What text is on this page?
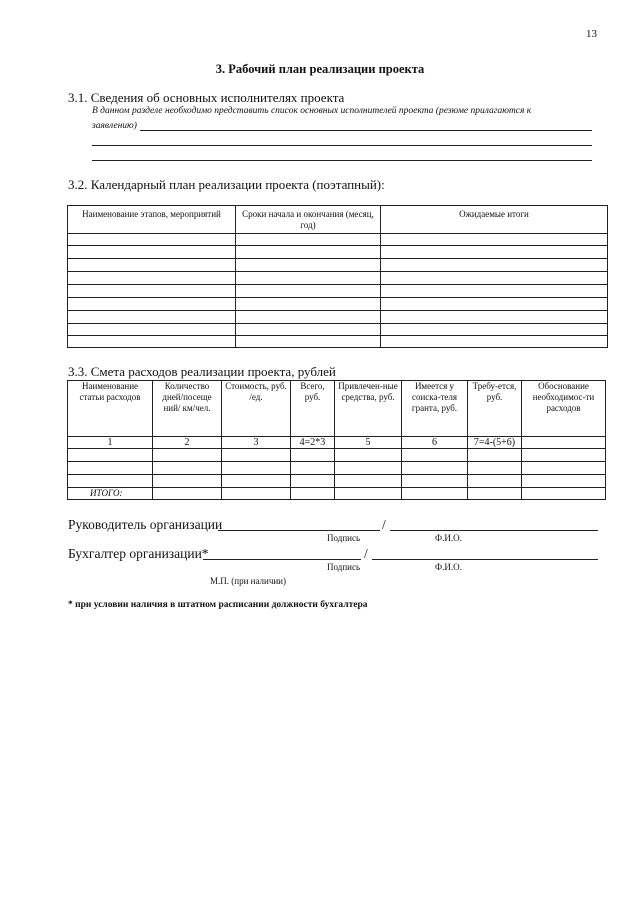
13
3. Рабочий план реализации проекта
3.1. Сведения об основных исполнителях проекта
В данном разделе необходимо представить список основных исполнителей проекта (резюме прилагаются к
заявлению)
3.2. Календарный план реализации проекта (поэтапный):
Наименование этапов, мероприятий	Сроки начала и окончания (месяц, год)	Ожидаемые итоги

3.3. Смета расходов реализации проекта, рублей
Наименование статьи расходов	Количество дней/посеще ний/ км/чел.	Стоимость, руб. /ед.	Всего, руб.	Привлечен-ные средства, руб.	Имеется у соиска-теля гранта, руб.	Требу-ется, руб.	Обоснование необходимос-ти расходов
1	2	3	4=2*3	5	6	7=4-(5+6)	

ИТОГО:							
Руководитель организации	/
Подпись	Ф.И.О.
Бухгалтер организации*	/
Подпись	Ф.И.О.
М.П. (при наличии)
* при условии наличия в штатном расписании должности бухгалтера
